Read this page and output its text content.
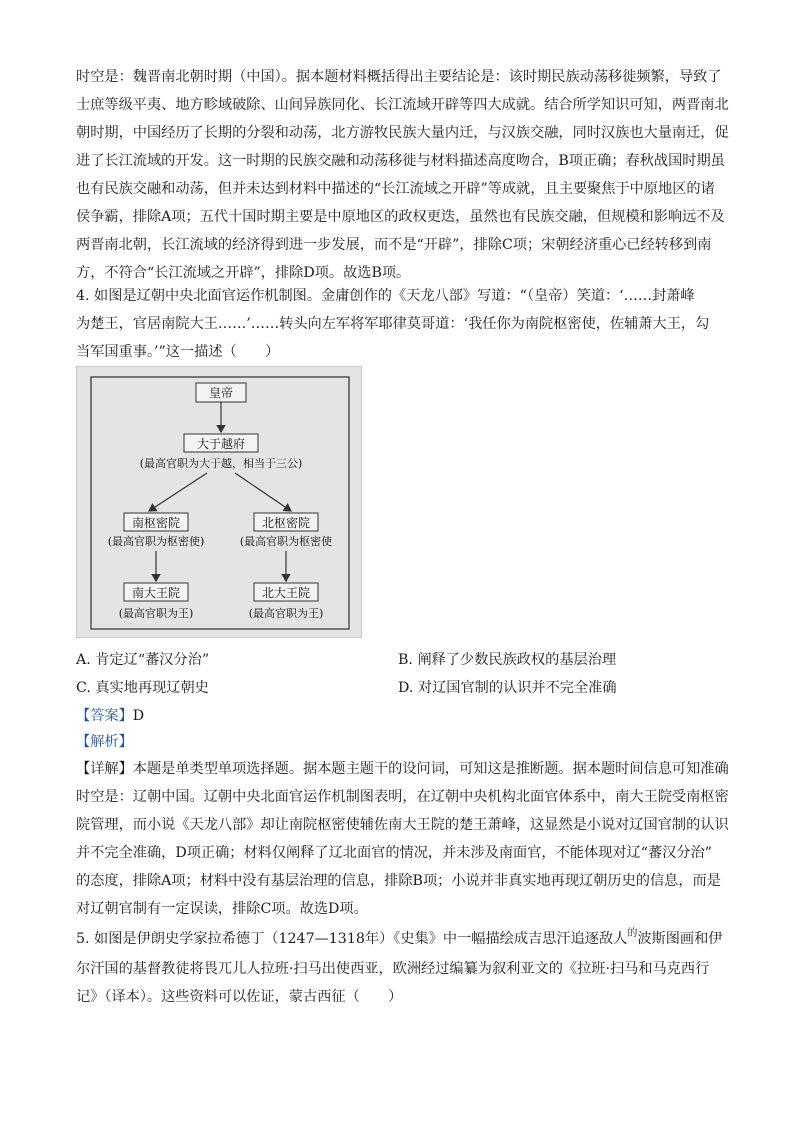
时空是：魏晋南北朝时期（中国）。据本题材料概括得出主要结论是：该时期民族动荡移徙频繁，导致了
士庶等级平夷、地方畛域破除、山间异族同化、长江流域开辟等四大成就。结合所学知识可知，两晋南北
朝时期，中国经历了长期的分裂和动荡，北方游牧民族大量内迁，与汉族交融，同时汉族也大量南迁，促
进了长江流域的开发。这一时期的民族交融和动荡移徙与材料描述高度吻合，B项正确；春秋战国时期虽
也有民族交融和动荡，但并未达到材料中描述的“长江流域之开辟”等成就，且主要聚焦于中原地区的诸
侯争霸，排除A项；五代十国时期主要是中原地区的政权更迭，虽然也有民族交融，但规模和影响远不及
两晋南北朝，长江流域的经济得到进一步发展，而不是“开辟”，排除C项；宋朝经济重心已经转移到南
方，不符合“长江流域之开辟”，排除D项。故选B项。
4. 如图是辽朝中央北面官运作机制图。金庸创作的《天龙八部》写道：“（皇帝）笑道：‘……封萧峰
为楚王，官居南院大王……’……转头向左军将军耶律莫哥道：‘我任你为南院枢密使，佐辅萧大王，勾
当军国重事。’”这一描述（　　）
皇帝
大于越府
(最高官职为大于越，相当于三公)
南枢密院
(最高官职为枢密使)
北枢密院
(最高官职为枢密使
南大王院
(最高官职为王)
北大王院
(最高官职为王)
A. 肯定辽“蕃汉分治”	B. 阐释了少数民族政权的基层治理
C. 真实地再现辽朝史	D. 对辽国官制的认识并不完全准确
【答案】D
【解析】
【详解】本题是单类型单项选择题。据本题主题干的设问词，可知这是推断题。据本题时间信息可知准确
时空是：辽朝中国。辽朝中央北面官运作机制图表明，在辽朝中央机构北面官体系中，南大王院受南枢密
院管理，而小说《天龙八部》却让南院枢密使辅佐南大王院的楚王萧峰，这显然是小说对辽国官制的认识
并不完全准确，D项正确；材料仅阐释了辽北面官的情况，并未涉及南面官，不能体现对辽“蕃汉分治”
的态度，排除A项；材料中没有基层治理的信息，排除B项；小说并非真实地再现辽朝历史的信息，而是
对辽朝官制有一定误读，排除C项。故选D项。
5. 如图是伊朗史学家拉希德丁（1247—1318年）《史集》中一幅描绘成吉思汗追逐敌人$^的$波斯图画和伊
尔汗国的基督教徒将畏兀儿人拉班·扫马出使西亚，欧洲经过编纂为叙利亚文的《拉班·扫马和马克西行
记》（译本）。这些资料可以佐证，蒙古西征（　　）
